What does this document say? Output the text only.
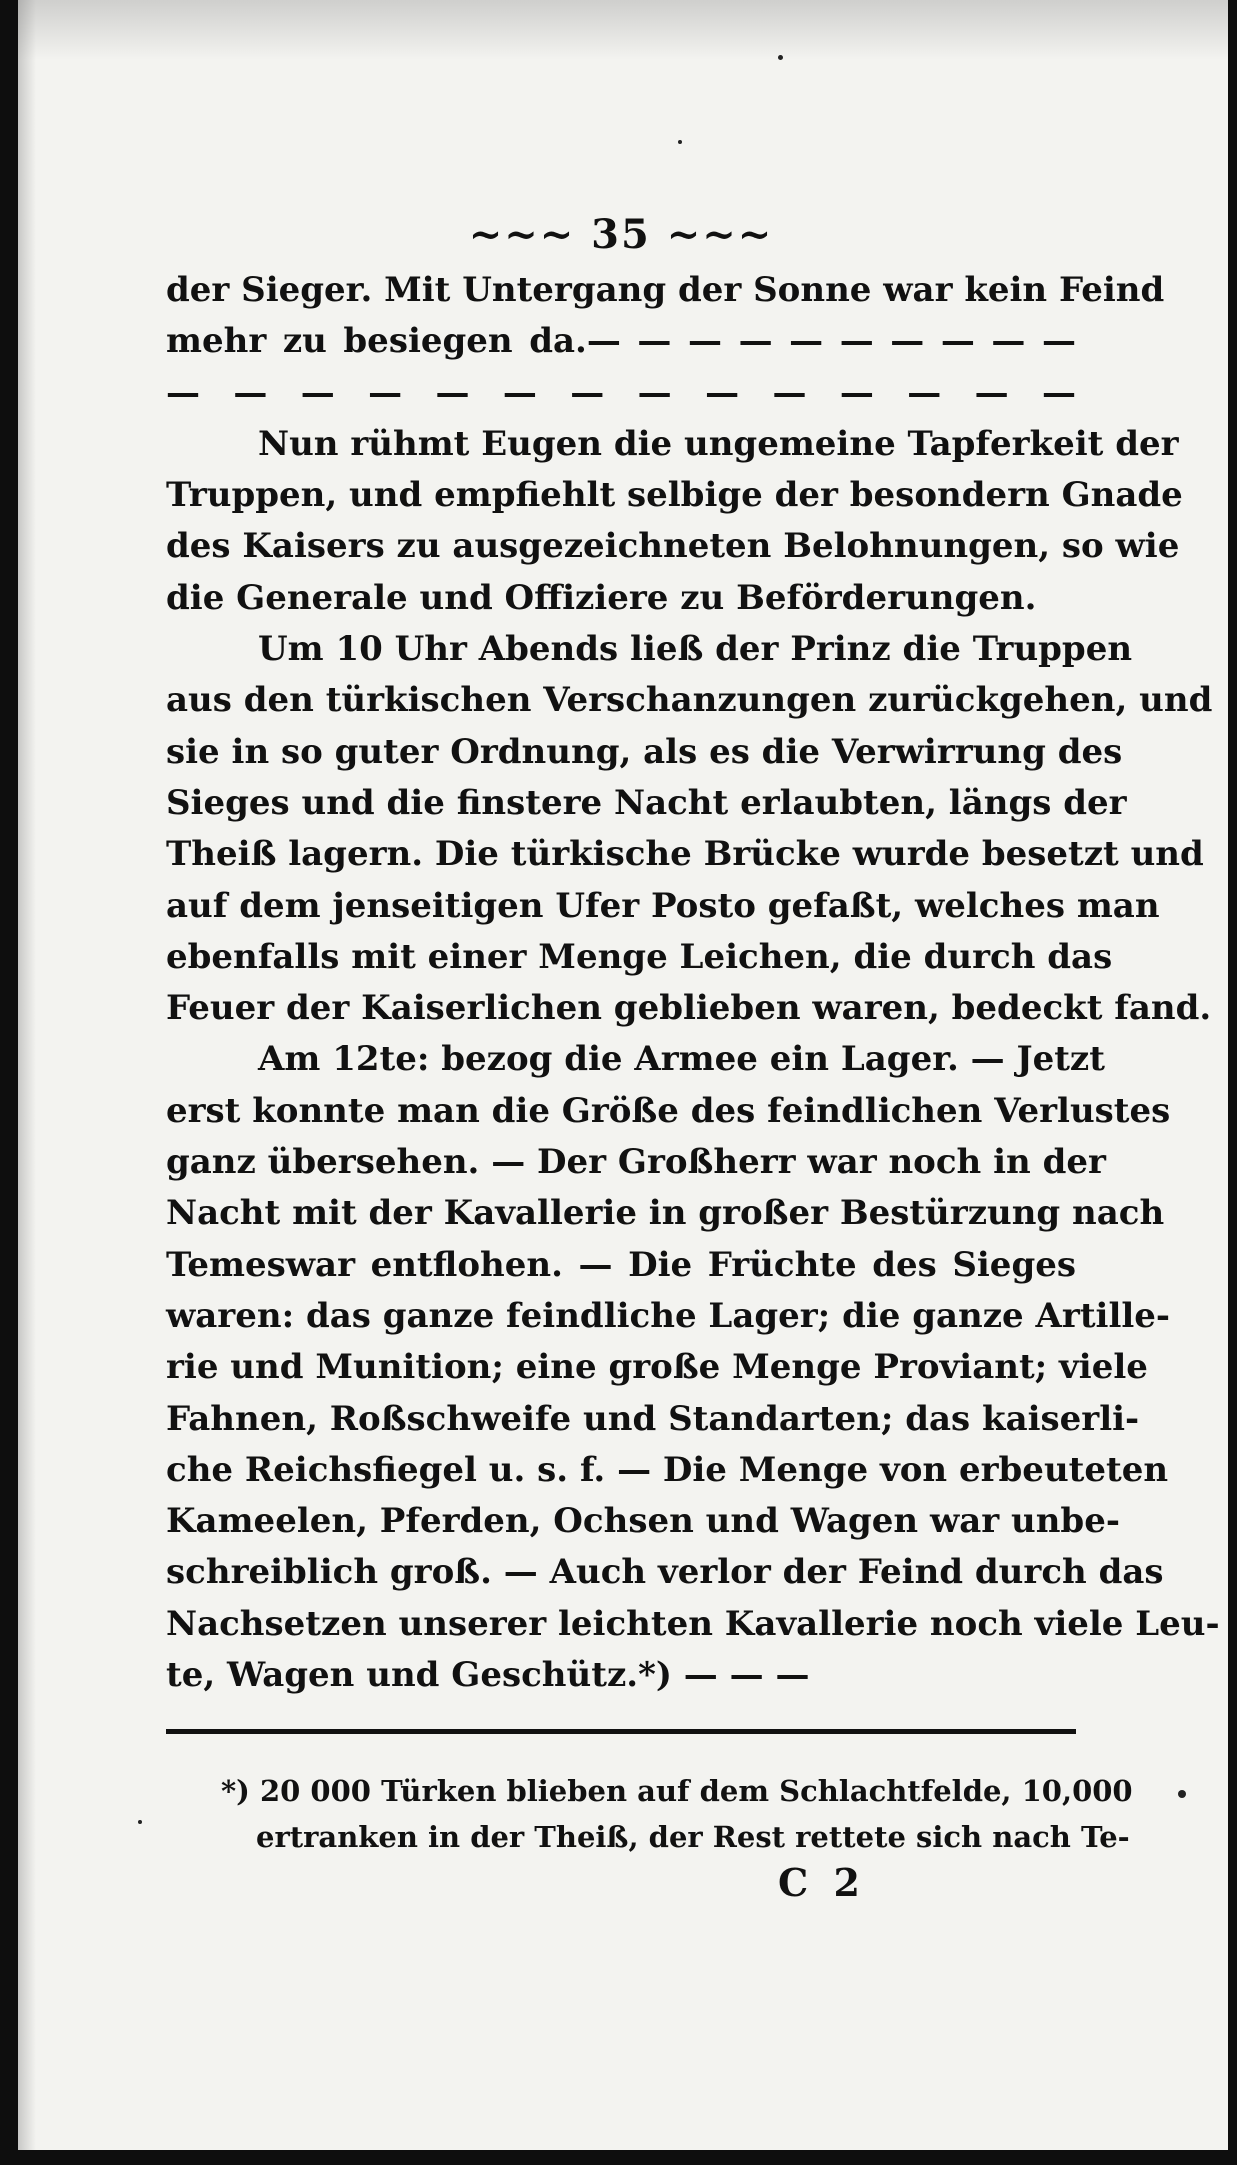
~~~ 35 ~~~
der Sieger. Mit Untergang der Sonne war kein Feind
mehr zu besiegen da.— — — — — — — — — —
— — — — — — — — — — — — — —
Nun rühmt Eugen die ungemeine Tapferkeit der
Truppen, und empfiehlt selbige der besondern Gnade
des Kaisers zu ausgezeichneten Belohnungen, so wie
die Generale und Offiziere zu Beförderungen.
Um 10 Uhr Abends ließ der Prinz die Truppen
aus den türkischen Verschanzungen zurückgehen, und
sie in so guter Ordnung, als es die Verwirrung des
Sieges und die finstere Nacht erlaubten, längs der
Theiß lagern. Die türkische Brücke wurde besetzt und
auf dem jenseitigen Ufer Posto gefaßt, welches man
ebenfalls mit einer Menge Leichen, die durch das
Feuer der Kaiserlichen geblieben waren, bedeckt fand.
Am 12te: bezog die Armee ein Lager. — Jetzt
erst konnte man die Größe des feindlichen Verlustes
ganz übersehen. — Der Großherr war noch in der
Nacht mit der Kavallerie in großer Bestürzung nach
Temeswar entflohen. — Die Früchte des Sieges
waren: das ganze feindliche Lager; die ganze Artille-
rie und Munition; eine große Menge Proviant; viele
Fahnen, Roßschweife und Standarten; das kaiserli-
che Reichsfiegel u. s. f. — Die Menge von erbeuteten
Kameelen, Pferden, Ochsen und Wagen war unbe-
schreiblich groß. — Auch verlor der Feind durch das
Nachsetzen unserer leichten Kavallerie noch viele Leu-
te, Wagen und Geschütz.*) — — —
*) 20 000 Türken blieben auf dem Schlachtfelde, 10,000
ertranken in der Theiß, der Rest rettete sich nach Te-
C 2
